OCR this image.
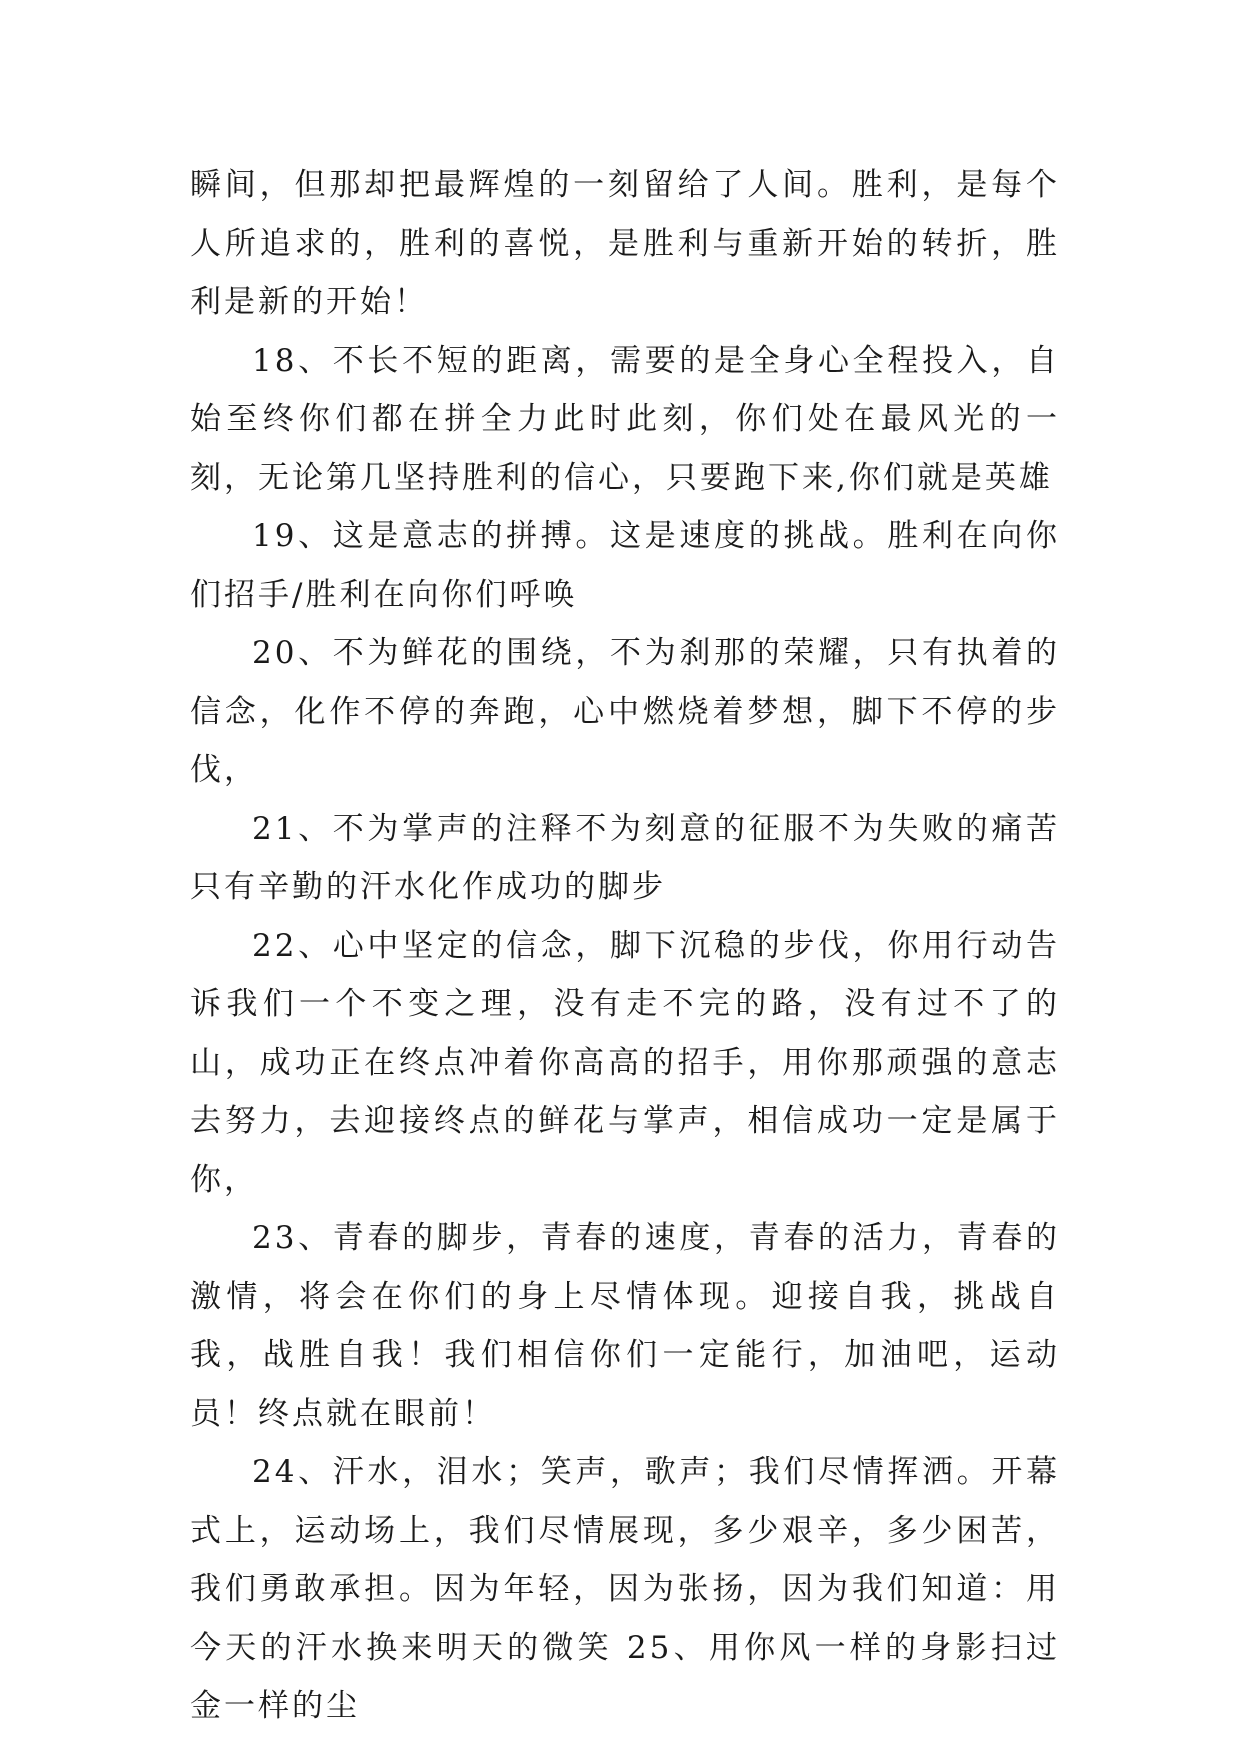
瞬间，但那却把最辉煌的一刻留给了人间。胜利，是每个人所追求的，胜利的喜悦，是胜利与重新开始的转折，胜利是新的开始！

18、不长不短的距离，需要的是全身心全程投入，自始至终你们都在拼全力此时此刻，你们处在最风光的一刻，无论第几坚持胜利的信心，只要跑下来,你们就是英雄

19、这是意志的拼搏。这是速度的挑战。胜利在向你们招手/胜利在向你们呼唤

20、不为鲜花的围绕，不为刹那的荣耀，只有执着的信念，化作不停的奔跑，心中燃烧着梦想，脚下不停的步伐，

21、不为掌声的注释不为刻意的征服不为失败的痛苦只有辛勤的汗水化作成功的脚步

22、心中坚定的信念，脚下沉稳的步伐，你用行动告诉我们一个不变之理，没有走不完的路，没有过不了的山，成功正在终点冲着你高高的招手，用你那顽强的意志去努力，去迎接终点的鲜花与掌声，相信成功一定是属于你，

23、青春的脚步，青春的速度，青春的活力，青春的激情，将会在你们的身上尽情体现。迎接自我，挑战自我，战胜自我！我们相信你们一定能行，加油吧，运动员！终点就在眼前！

24、汗水，泪水；笑声，歌声；我们尽情挥洒。开幕式上，运动场上，我们尽情展现，多少艰辛，多少困苦，我们勇敢承担。因为年轻，因为张扬，因为我们知道：用今天的汗水换来明天的微笑 25、用你风一样的身影扫过金一样的尘
